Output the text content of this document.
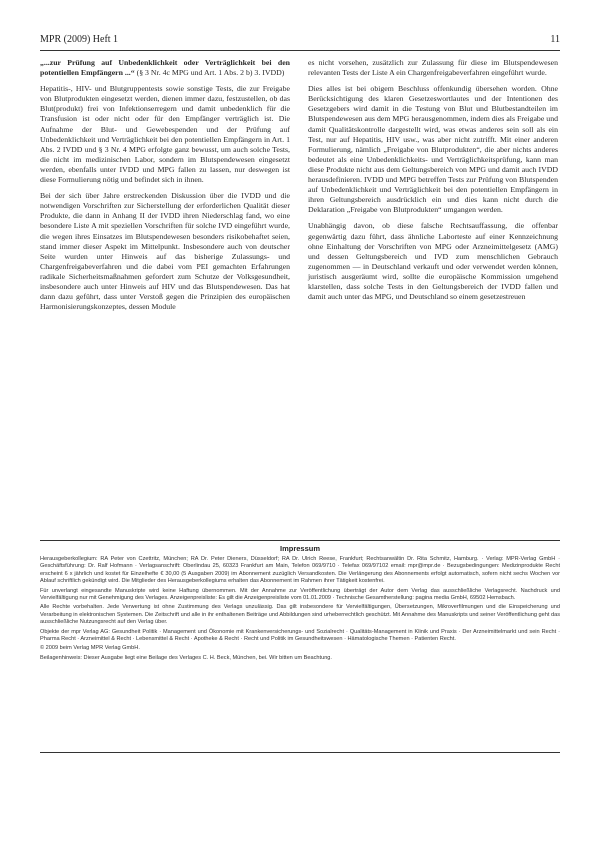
MPR (2009) Heft 1	11

„...zur Prüfung auf Unbedenklichkeit oder Verträglichkeit bei den potentiellen Empfängern ...“ (§ 3 Nr. 4c MPG und Art. 1 Abs. 2 b) 3. IVDD)

Hepatitis-, HIV- und Blutgruppentests sowie sonstige Tests, die zur Freigabe von Blutprodukten eingesetzt werden, dienen immer dazu, festzustellen, ob das Blut(produkt) frei von Infektionserregern und damit unbedenklich für die Transfusion ist oder nicht oder für den Empfänger verträglich ist. Die Aufnahme der Blut- und Gewebespenden und der Prüfung auf Unbedenklichkeit und Verträglichkeit bei den potentiellen Empfängern in Art. 1 Abs. 2 IVDD und § 3 Nr. 4 MPG erfolgte ganz bewusst, um auch solche Tests, die nicht im medizinischen Labor, sondern im Blutspendewesen eingesetzt werden, ebenfalls unter IVDD und MPG fallen zu lassen, nur deswegen ist diese Formulierung nötig und befindet sich in ihnen.

Bei der sich über Jahre erstreckenden Diskussion über die IVDD und die notwendigen Vorschriften zur Sicherstellung der erforderlichen Qualität dieser Produkte, die dann in Anhang II der IVDD ihren Niederschlag fand, wo eine besondere Liste A mit speziellen Vorschriften für solche IVD eingeführt wurde, die wegen ihres Einsatzes im Blutspendewesen besonders risikobehaftet seien, stand immer dieser Aspekt im Mittelpunkt. Insbesondere auch von deutscher Seite wurden unter Hinweis auf das bisherige Zulassungs- und Chargenfreigabeverfahren und die dabei vom PEI gemachten Erfahrungen radikale Sicherheitsmaßnahmen gefordert zum Schutze der Volksgesundheit, insbesondere auch unter Hinweis auf HIV und das Blutspendewesen. Das hat dann dazu geführt, dass unter Verstoß gegen die Prinzipien des europäischen Harmonisierungskonzeptes, dessen Module

es nicht vorsehen, zusätzlich zur Zulassung für diese im Blutspendewesen relevanten Tests der Liste A ein Chargenfreigabeverfahren eingeführt wurde.

Dies alles ist bei obigem Beschluss offenkundig übersehen worden. Ohne Berücksichtigung des klaren Gesetzeswortlautes und der Intentionen des Gesetzgebers wird damit in die Testung von Blut und Blutbestandteilen im Blutspendewesen aus dem MPG herausgenommen, indem dies als Freigabe und damit Qualitätskontrolle dargestellt wird, was etwas anderes sein soll als ein Test, nur auf Hepatitis, HIV usw., was aber nicht zutrifft. Mit einer anderen Formulierung, nämlich „Freigabe von Blutprodukten“, die aber nichts anderes bedeutet als eine Unbedenklichkeits- und Verträglichkeitsprüfung, kann man diese Produkte nicht aus dem Geltungsbereich von MPG und damit auch IVDD herausdefinieren. IVDD und MPG betreffen Tests zur Prüfung von Blutspenden auf Unbedenklichkeit und Verträglichkeit bei den potentiellen Empfängern in ihren Geltungsbereich ausdrücklich ein und dies kann nicht durch die Deklaration „Freigabe von Blutprodukten“ umgangen werden.

Unabhängig davon, ob diese falsche Rechtsauffassung, die offenbar gegenwärtig dazu führt, dass ähnliche Laborteste auf einer Kennzeichnung ohne Einhaltung der Vorschriften von MPG oder Arzneimittelgesetz (AMG) und dessen Geltungsbereich und IVD zum menschlichen Gebrauch zugenommen — in Deutschland verkauft und oder verwendet werden können, juristisch ausgeräumt wird, sollte die europäische Kommission umgehend klarstellen, dass solche Tests in den Geltungsbereich der IVDD fallen und damit auch unter das MPG, und Deutschland so einem gesetzestreuen

Impressum

Herausgeberkollegium: RA Peter von Czettritz, München; RA Dr. Peter Dieners, Düsseldorf; RA Dr. Ulrich Reese, Frankfurt; Rechtsanwältin Dr. Rita Schmitz, Hamburg. · Verlag: MPR-Verlag GmbH · Geschäftsführung: Dr. Ralf Hofmann · Verlagsanschrift: Oberlindau 25, 60323 Frankfurt am Main, Telefon 069/9710 · Telefax 069/97102 email: mpr@mpr.de · Bezugsbedingungen: Medizinprodukte Recht erscheint 6 x jährlich und kostet für Einzelhefte € 30,00 (5 Ausgaben 2009) im Abonnement zuzüglich Versandkosten. Die Verlängerung des Abonnements erfolgt automatisch, sofern nicht sechs Wochen vor Ablauf schriftlich gekündigt wird. Die Mitglieder des Herausgeberkollegiums erhalten das Abonnement im Rahmen ihrer Tätigkeit kostenfrei.

Für unverlangt eingesandte Manuskripte wird keine Haftung übernommen. Mit der Annahme zur Veröffentlichung überträgt der Autor dem Verlag das ausschließliche Verlagsrecht. Nachdruck und Vervielfältigung nur mit Genehmigung des Verlages. Anzeigenpreisliste: Es gilt die Anzeigenpreisliste vom 01.01.2009 · Technische Gesamtherstellung: pagina media GmbH, 69502 Hemsbach.

Alle Rechte vorbehalten. Jede Verwertung ist ohne Zustimmung des Verlags unzulässig. Das gilt insbesondere für Vervielfältigungen, Übersetzungen, Mikroverfilmungen und die Einspeicherung und Verarbeitung in elektronischen Systemen. Die Zeitschrift und alle in ihr enthaltenen Beiträge und Abbildungen sind urheberrechtlich geschützt. Mit Annahme des Manuskripts und seiner Veröffentlichung geht das ausschließliche Nutzungsrecht auf den Verlag über.

Objekte der mpr Verlag AG: Gesundheit Politik · Management und Ökonomie mit Krankenversicherungs- und Sozialrecht · Qualitäts-Management in Klinik und Praxis · Der Arzneimittelmarkt und sein Recht · Pharma Recht · Arzneimittel & Recht · Lebensmittel & Recht · Apotheke & Recht · Recht und Politik im Gesundheitswesen · Hämatologische Themen · Patienten Recht.

© 2009 beim Verlag MPR Verlag GmbH.

Beilagenhinweis: Dieser Ausgabe liegt eine Beilage des Verlages C. H. Beck, München, bei. Wir bitten um Beachtung.
